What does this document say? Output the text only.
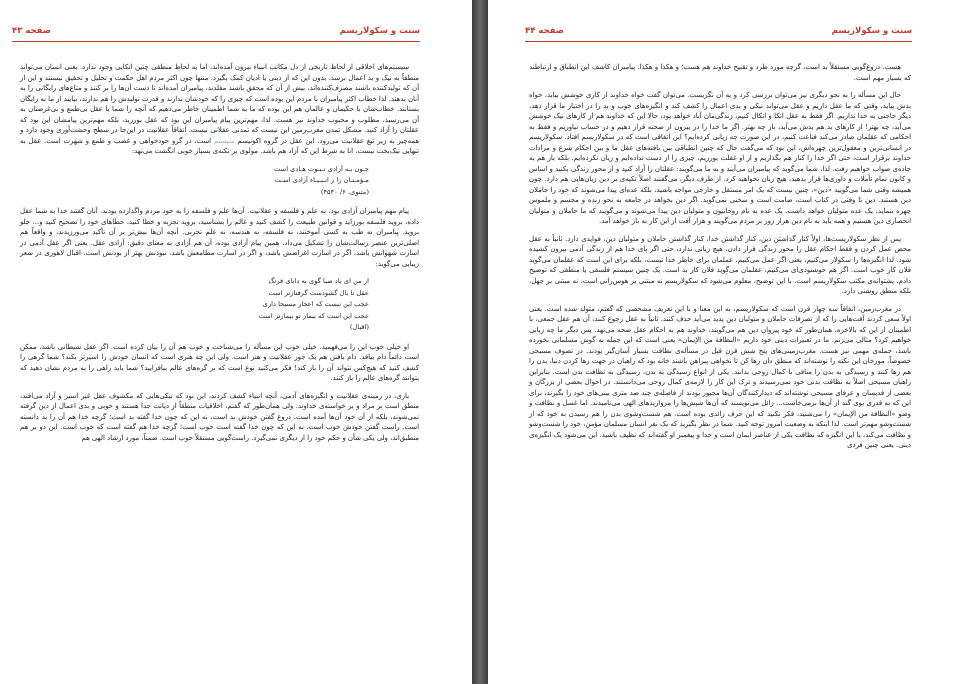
سنت و سکولاریسم
صفحه ۴۳

سیستم‌های اخلاقی از لحاظ تاریخی از دل مکاتب انبیاء بیرون آمده‌اند، اما به لحاظ منطقی چنین اتکایی وجود ندارد. یعنی انسان می‌تواند منطقاً به نیک و بد اعمال برسد، بدون این که از دینی یا ادیان کمک بگیرد. منتها چون اکثر مردم اهل حکمت و تحلیل و تحقیق نیستند و این از آن که تولیدکننده باشند مصرف‌کننده‌اند، بیش از آن که محقق باشند مقلدند، پیامبران آمده‌اند تا دست آن‌ها را بر کنند و متاع‌های رایگانی را به آنان بدهند. لذا خطاب اکثر پیامبران با مردم این بوده است که چیزی را که خودشان ندارند و قدرت تولیدش را هم ندارند، بیایند از ما به رایگان بستانند. خطاب‌شان با حکیمان و عالمان هم این بوده که ما به شما اطمینان خاطر می‌دهیم که آنچه را شما با عقل بی‌طمع و بی‌غرضتان به آن می‌رسید، مطلوب و محبوب خداوند نیز هست. لذا، مهم‌ترین پیام پیامبران این بود که عقل بورزید، بلکه مهم‌ترین پیامشان این بود که عقلتان را آزاد کنید. مشکل تمدن مغرب‌زمین این نیست که تمدنی عقلانی نیست. اتفاقاً عقلانیت در این‌جا در سطح وحشت‌آوری وجود دارد و همه‌چیز به زیر تیغ عقلانیت می‌رود. این عقل در گروه اکونیسم سیستم است، در گرو خودخواهی و غضب و طمع و شهرت است. عقل به تنهایی نیک‌بخت نیست، انا به شرط این که آزاد هم باشد. مولوی بر نکته‌ی بسیار خوبی انگشت می‌نهد:

چـون بـه آزادی نـبـوت هـادی است
مـؤمـنـان را ز انـبـیـاء آزادی اسـت
(مثنوی، ۶/ ۴۵۴۰)

پیام مهم پیامبران آزادی بود، نه علم و فلسفه و عقلانیت. آن‌ها علم و فلسفه را به خود مردم واگذارده بودند. آنان گفتند خدا به شما عقل داده، بروید فلسفه بورزاید و قوانین طبیعت را کشف کنید و عالم را بشناسید، بروید تجربه و خطا کنید، خطاهای خود را تصحیح کنید و... جلو بروید. پیامبران نه طب به کسی آموختند، نه فلسفه، نه هندسه، نه علم تجربی. آنچه آن‌ها بیش‌تر بر آن تأکید می‌ورزیدند، و واقعاً هم اصلی‌ترین عنصر رسالت‌شان را تشکیل می‌داد، همین پیام آزادی بوده، آن هم آزادی به معنای دقیق: آزادی عقل. یعنی اگر عقل آدمی در اسارت شهواتش باشد، اگر در اسارت اغراضش باشد، و اگر در اسارت مطامعش باشد، نبودنش بهتر از بودنش است. اقبال لاهوری در شعر زیبایی می‌گوید:

از من ای باد صبا گوی به دانای فرنگ
عقل تا بال گشودست گرفتارتر است
عجب این نیست که اعجاز مسیحا داری
عجب این است که بیمار تو بیمارتر است
(اقبال)

او خیلی خوب این را می‌فهمید. خیلی خوب این مسأله را می‌شناخت و خوب هم آن را بیان کرده است. اگر عقل شیطانی باشد، ممکن است دائماً دام بیافد. دام بافتن هم یک جور عقلانیت و هنر است. ولی این چه هنری است که انسان خودش را اسیرتر بکند؟ شما گرهی را کشف کنید که هیچ‌کس نتواند آن را باز کند! فکر می‌کنید نوع است که بر گره‌های عالم بیافزایید؟ شما باید راهی را به مردم نشان دهید که بتوانند گره‌های عالم را باز کنند.

باری، در زمینه‌ی عقلانیت و انگیزه‌های آدمی، آنچه انبیاء کشف کردند، این بود که نیکی‌هایی که مکشوف عقل غیر اسیر و آزاد می‌افتد، منطق است بر مراد و بر خواسته‌ی خداوند. ولی همان‌طور که گفتم، اخلاقیات منطقاً از دیانت جدا هستند و خوبی و بدی اعمال از دین گرفته نمی‌شوند، بلکه از آن خود آن‌ها آمده است. دروغ گفتن خودش بد است، نه این که چون خدا گفته بد است؛ گرچه خدا هم آن را بد دانسته است. راست گفتن خودش خوب است، نه این که چون خدا گفته است خوب است؛ گرچه خدا هم گفته است که خوب است. این دو بر هم منطبق‌اند، ولی یکی شأن و حکم خود را از دیگری نمی‌گیرد. راست‌گویی مستقلاً خوب است. ضمناً، مورد ارشاد الهی هم

سنت و سکولاریسم
صفحه ۴۴

هست. دروغ‌گویی مستقلاً بد است، گرچه مورد طرد و تقبیح خداوند هم هست؛ و هکذا و هکذا. پیامبران کاشف این انطباق و ارتباطند که بسیار مهم است.

حال این مسأله را به نحو دیگری نیز می‌توان بررسی کرد و به آن نگریست. می‌توان گفت خواه خداوند از کاری خوشش بیاید، خواه بدش بیاید، وقتی که ما عقل داریم و عقل می‌تواند نیکی و بدی اعمال را کشف کند و انگیزه‌های خوب و بد را در اختیار ما قرار دهد، دیگر حاجتی به خدا نداریم. اگر فقط به عقل اتکا و اتکال کنیم، زندگی‌مان آباد خواهد بود، حالا این که خداوند هم از کارهای نیک خوشش می‌آید، چه بهتر! از کارهای بد هم بدش می‌آید، باز چه بهتر. اگر ما خدا را در بیرون از صحنه قرار دهیم و در حساب نیاوریم و فقط به احکامی که عقلمان صادر می‌کند قناعت کنیم، در این صورت چه زیانی کرده‌ایم؟ این اتفاقی است که در سکولاریسم افتاد. سکولاریسم در انسانی‌ترین و معقول‌ترین چهره‌اش، این بود که می‌گفت حال که چنین انطباقی بین یافته‌های عقل ما و بین احکام شرع و مرادات خداوند برقرار است، حتی اگر خدا را کنار هم بگذاریم و از او غفلت بورزیم، چیزی را از دست نداده‌ایم و زیان نکرده‌ایم. بلکه باز هم به جاده‌ی صواب خواهیم رفت. لذا، شما می‌گوید که پیامبران می‌آیند و به ما می‌گویند: عقلتان را آزاد کنید و از محور زندگی بکنید و اساس و کانون تمام تأملات و داوری‌ها قرار بدهید، هیچ زیان نخواهید کرد. از طرف دیگر، می‌گفتند اصلاً تکیه‌ی بر دین زیان‌هایی هم دارد. چون همیشه وقتی شما می‌گویید «دین»، چنین نیست که یک امر مستقل و خارجی مواجه باشید، بلکه عده‌ای پیدا می‌شوند که خود را حاملان دین هستند. دین تا وقتی در کتاب است، صامت است و سخنی نمی‌گوید. اگر دین بخواهد در جامعه به نحو زنده و مجسم و ملموس چهره بنماید، یک عده متولیان خواهد داشت. یک عده به نام روحانیون و متولیان دین پیدا می‌شوند و می‌گویند که ما حاملان و متولیان انحصاری دین هستیم و همه باید به نام دین هراز زور بر مردم می‌گویند و هزار آفت از این کار به بار خواهد آمد.

پس از نظر سکولاریست‌ها، اولاً کنار گذاشتن دین، کنار گذاشتن خدا، کنار گذاشتن حاملان و متولیان دین، فوایدی دارد. ثانیاً به عقل محض عمل کردن و فقط احکام عقل را محور زندگی قرار دادن، هیچ زیانی ندارد، حتی اگر پای خدا هم از زندگی آدمی بیرون کشیده شود. لذا انگیزه‌ها را سکولار می‌کنیم، یعنی اگر عمل می‌کنیم، عملمان برای خاطر خدا نیست، بلکه برای این است که عقلمان می‌گوید فلان کار خوب است. اگر هم خوشنودی‌ای می‌کنیم، عقلمان می‌گوید فلان کار بد است. یک چنین سیستم فلسفی یا منطقی که توضیح دادم، پشتوانه‌ی مکتب سکولاریسم است. با این توضیح، معلوم می‌شود که سکولاریسم نه مبتنی بر هوس‌رانی است، نه مبتنی بر جهل، بلکه منطق روشنی دارد.

در مغرب‌زمین، اتفاقاً سه چهار قرن است که سکولاریسم، به این معنا و با این تعریف مشخصی که گفتم، متولد شده است. یعنی اولاً سعی کردند آفت‌هایی را که از تصرفات حاملان و متولیان دین پدید می‌آید حذف کنند. ثانیاً به عقل رجوع کنند، آن هم عقل جمعی، با اطمینان از این که بالاخره، همان‌طور که خود پیروان دین هم می‌گویند، خداوند هم به احکام عقل صحه می‌نهد. پس دیگر ما چه زیانی خواهیم کرد؟ مثالی می‌زنم. ما در تعبیرات دینی خود داریم «النظافة من الإیمان» یعنی است که این جمله به گوش مسلمانی نخورده باشد، جمله‌ی مهمی نیز هست. مغرب‌زمینی‌های پنج شش قرن قبل در مسأله‌ی نظافت بسیار آسان‌گیر بودند. در تصوف مسیحی خصوصاً، مورخان این نکته را نوشته‌اند که منطق دان رها کن تا نخواهی پیراهن باشند خانه بود که راهبان در جهت رها کردن دنیا، بدن را هم رها کنند و رسیدگی به بدن را منافی با کمال روحی بدانند. یکی از انواع رسیدگی به بدن، رسیدگی به نظافت بدن است. بنابراین راهبان مسیحی اصلاً به نظافت بدنی خود نمی‌رسیدند و ترک این کار را لازمه‌ی کمال روحی می‌دانستند. در احوال بعضی از بزرگان و بعضی از قدیسان و عرفای مسیحی نوشته‌اند که دیدارکنندگان آن‌ها مجبور بودند از فاصله‌ی چند صد متری بینی‌های خود را بگیرند، برای این که به قدری بوی گند از آن‌ها برمی‌خاست... زائل می‌نویسند که آن‌ها شپش‌ها را مرواریدهای الهی می‌نامیدند. اما غسل و نظافت و وضو «النظافة من الإیمان» را می‌شنید، فکر نکنید که این حرف زائدی بوده است. هم شست‌وشوی بدن را هم رسیدن به خود که از شست‌وشو مهم‌تر است. لذا اینکه به وضعیت امروز توجه کنید. شما در نظر بگیرید که یک نفر انسان مسلمان مؤمن، خود را شست‌وشو و نظافت می‌کند، یا این انگیزه که نظافت یکی از عناصر ایمان است و خدا و پیغمبر او گفته‌اند که نظیف باشید. این می‌شود یک انگیزه‌ی دینی. یعنی چنین فردی
